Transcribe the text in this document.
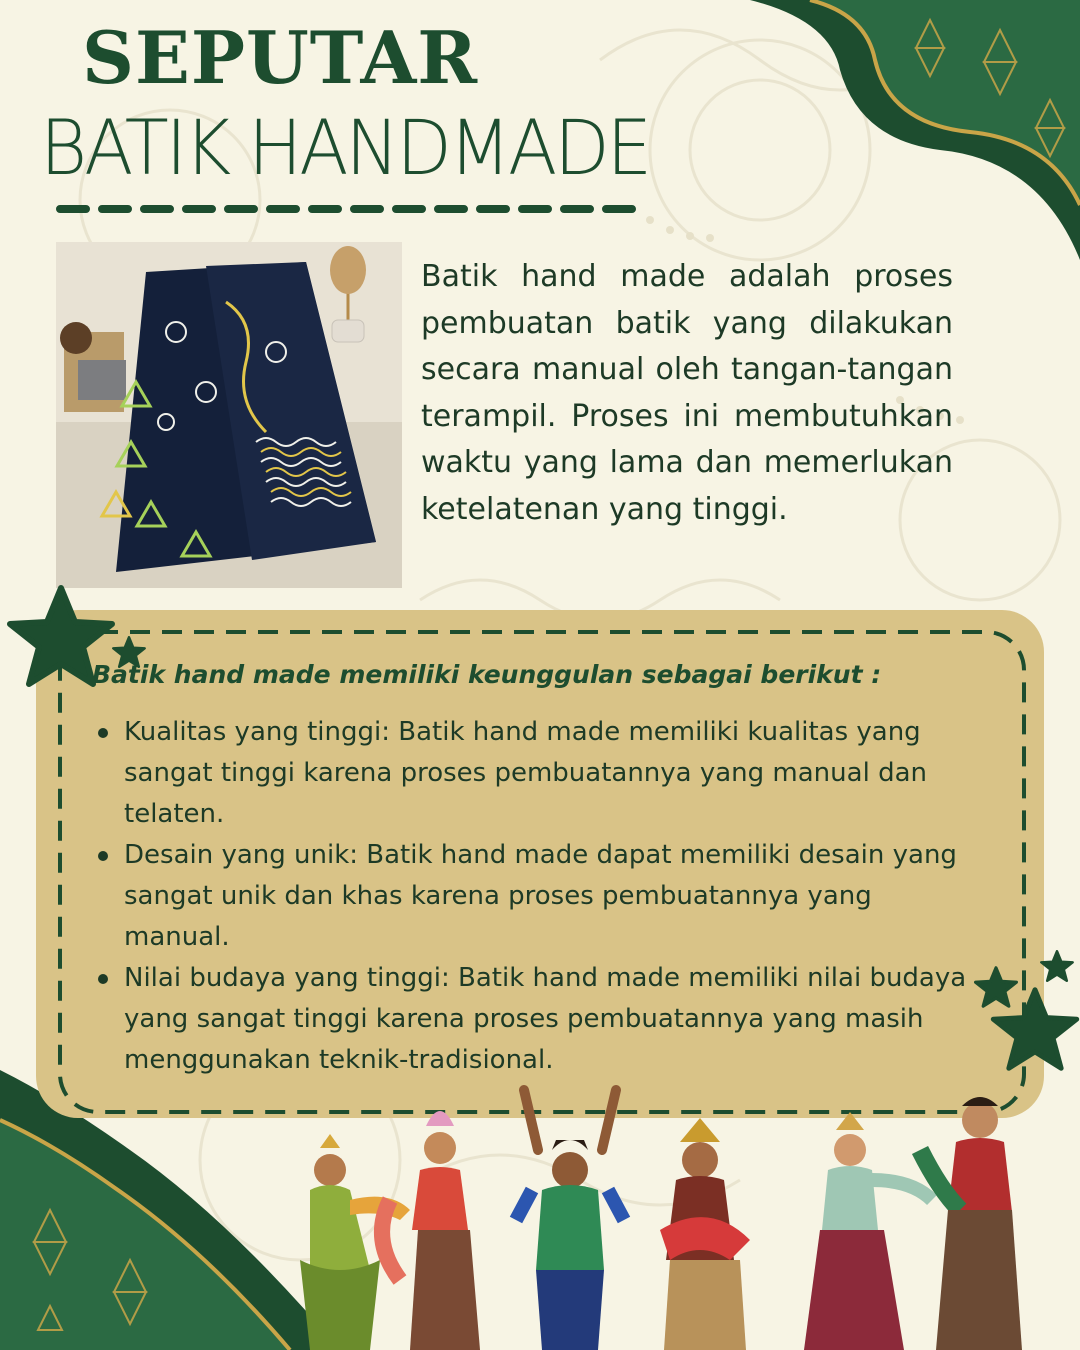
SEPUTAR
BATIK HANDMADE

Batik hand made adalah proses pembuatan batik yang dilakukan secara manual oleh tangan-tangan terampil. Proses ini membutuhkan waktu yang lama dan memerlukan ketelatenan yang tinggi.

Batik hand made memiliki keunggulan sebagai berikut :
Kualitas yang tinggi: Batik hand made memiliki kualitas yang sangat tinggi karena proses pembuatannya yang manual dan telaten.
Desain yang unik: Batik hand made dapat memiliki desain yang sangat unik dan khas karena proses pembuatannya yang manual.
Nilai budaya yang tinggi: Batik hand made memiliki nilai budaya yang sangat tinggi karena proses pembuatannya yang masih menggunakan teknik-tradisional.
